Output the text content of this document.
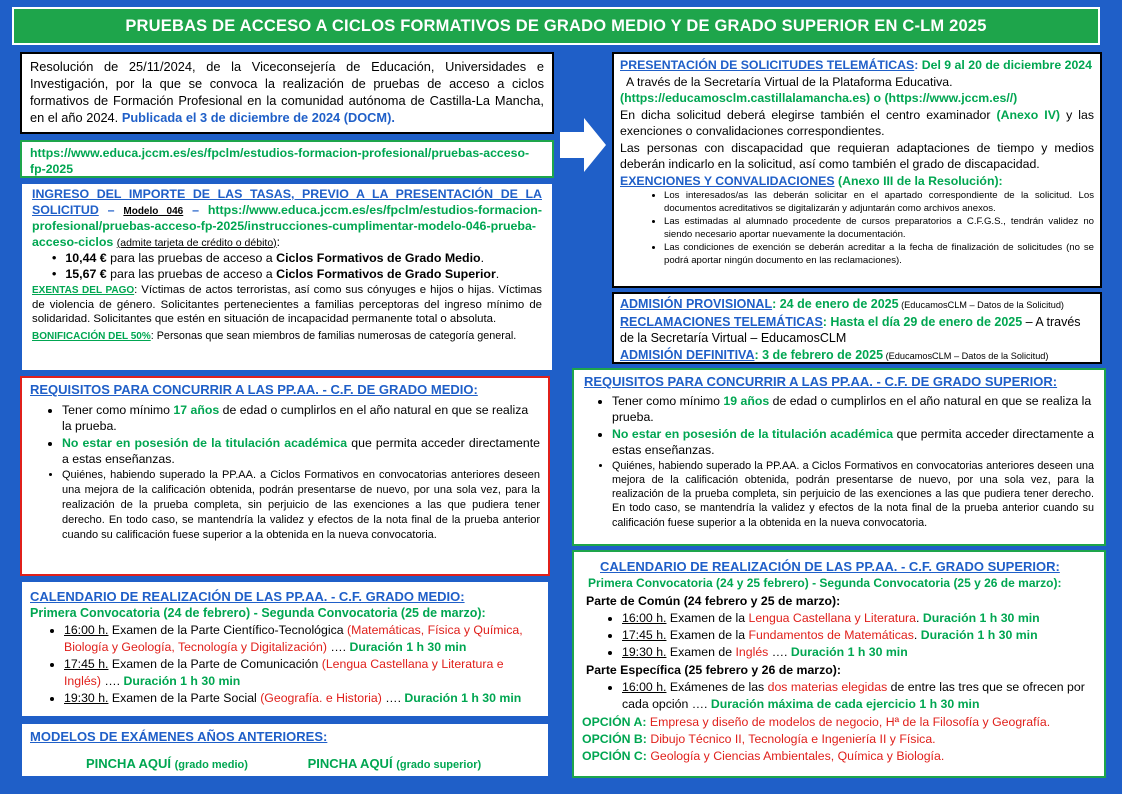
PRUEBAS DE ACCESO A CICLOS FORMATIVOS DE GRADO MEDIO Y DE GRADO SUPERIOR EN C-LM 2025
Resolución de 25/11/2024, de la Viceconsejería de Educación, Universidades e Investigación, por la que se convoca la realización de pruebas de acceso a ciclos formativos de Formación Profesional en la comunidad autónoma de Castilla-La Mancha, en el año 2024. Publicada el 3 de diciembre de 2024 (DOCM).
https://www.educa.jccm.es/es/fpclm/estudios-formacion-profesional/pruebas-acceso-fp-2025
INGRESO DEL IMPORTE DE LAS TASAS, PREVIO A LA PRESENTACIÓN DE LA SOLICITUD – Modelo 046 – https://www.educa.jccm.es/es/fpclm/estudios-formacion-profesional/pruebas-acceso-fp-2025/instrucciones-cumplimentar-modelo-046-prueba-acceso-ciclos (admite tarjeta de crédito o débito):
• 10,44 € para las pruebas de acceso a Ciclos Formativos de Grado Medio.
• 15,67 € para las pruebas de acceso a Ciclos Formativos de Grado Superior.
EXENTAS DEL PAGO: Víctimas de actos terroristas, así como sus cónyuges e hijos o hijas. Víctimas de violencia de género. Solicitantes pertenecientes a familias perceptoras del ingreso mínimo de solidaridad. Solicitantes que estén en situación de incapacidad permanente total o absoluta.
BONIFICACIÓN DEL 50%: Personas que sean miembros de familias numerosas de categoría general.
REQUISITOS PARA CONCURRIR A LAS PP.AA. - C.F. DE GRADO MEDIO:
• Tener como mínimo 17 años de edad o cumplirlos en el año natural en que se realiza la prueba.
• No estar en posesión de la titulación académica que permita acceder directamente a estas enseñanzas.
• Quiénes, habiendo superado la PP.AA. a Ciclos Formativos en convocatorias anteriores deseen una mejora de la calificación obtenida, podrán presentarse de nuevo, por una sola vez, para la realización de la prueba completa, sin perjuicio de las exenciones a las que pudiera tener derecho. En todo caso, se mantendría la validez y efectos de la nota final de la prueba anterior cuando su calificación fuese superior a la obtenida en la nueva convocatoria.
CALENDARIO DE REALIZACIÓN DE LAS PP.AA. - C.F. GRADO MEDIO:
Primera Convocatoria (24 de febrero) - Segunda Convocatoria (25 de marzo):
• 16:00 h. Examen de la Parte Científico-Tecnológica (Matemáticas, Física y Química, Biología y Geología, Tecnología y Digitalización) …. Duración 1 h 30 min
• 17:45 h. Examen de la Parte de Comunicación (Lengua Castellana y Literatura e Inglés) …. Duración 1 h 30 min
• 19:30 h. Examen de la Parte Social (Geografía. e Historia) …. Duración 1 h 30 min
MODELOS DE EXÁMENES AÑOS ANTERIORES:
PINCHA AQUÍ (grado medio)	PINCHA AQUÍ (grado superior)
PRESENTACIÓN DE SOLICITUDES TELEMÁTICAS: Del 9 al 20 de diciembre 2024
A través de la Secretaría Virtual de la Plataforma Educativa.
(https://educamosclm.castillalamancha.es) o (https://www.jccm.es//)
En dicha solicitud deberá elegirse también el centro examinador (Anexo IV) y las exenciones o convalidaciones correspondientes.
Las personas con discapacidad que requieran adaptaciones de tiempo y medios deberán indicarlo en la solicitud, así como también el grado de discapacidad.
EXENCIONES Y CONVALIDACIONES (Anexo III de la Resolución):
• Los interesados/as las deberán solicitar en el apartado correspondiente de la solicitud. Los documentos acreditativos se digitalizarán y adjuntarán como archivos anexos.
• Las estimadas al alumnado procedente de cursos preparatorios a C.F.G.S., tendrán validez no siendo necesario aportar nuevamente la documentación.
• Las condiciones de exención se deberán acreditar a la fecha de finalización de solicitudes (no se podrá aportar ningún documento en las reclamaciones).
ADMISIÓN PROVISIONAL: 24 de enero de 2025 (EducamosCLM – Datos de la Solicitud)
RECLAMACIONES TELEMÁTICAS: Hasta el día 29 de enero de 2025 – A través de la Secretaría Virtual – EducamosCLM
ADMISIÓN DEFINITIVA: 3 de febrero de 2025 (EducamosCLM – Datos de la Solicitud)
REQUISITOS PARA CONCURRIR A LAS PP.AA. - C.F. DE GRADO SUPERIOR:
• Tener como mínimo 19 años de edad o cumplirlos en el año natural en que se realiza la prueba.
• No estar en posesión de la titulación académica que permita acceder directamente a estas enseñanzas.
• Quiénes, habiendo superado la PP.AA. a Ciclos Formativos en convocatorias anteriores deseen una mejora de la calificación obtenida, podrán presentarse de nuevo, por una sola vez, para la realización de la prueba completa, sin perjuicio de las exenciones a las que pudiera tener derecho. En todo caso, se mantendría la validez y efectos de la nota final de la prueba anterior cuando su calificación fuese superior a la obtenida en la nueva convocatoria.
CALENDARIO DE REALIZACIÓN DE LAS PP.AA. - C.F. GRADO SUPERIOR:
Primera Convocatoria (24 y 25 febrero) - Segunda Convocatoria (25 y 26 de marzo):
Parte de Común (24 febrero y 25 de marzo):
• 16:00 h. Examen de la Lengua Castellana y Literatura. Duración 1 h 30 min
• 17:45 h. Examen de la Fundamentos de Matemáticas. Duración 1 h 30 min
• 19:30 h. Examen de Inglés …. Duración 1 h 30 min
Parte Específica (25 febrero y 26 de marzo):
• 16:00 h. Exámenes de las dos materias elegidas de entre las tres que se ofrecen por cada opción …. Duración máxima de cada ejercicio 1 h 30 min
OPCIÓN A: Empresa y diseño de modelos de negocio, Hª de la Filosofía y Geografía.
OPCIÓN B: Dibujo Técnico II, Tecnología e Ingeniería II y Física.
OPCIÓN C: Geología y Ciencias Ambientales, Química y Biología.
